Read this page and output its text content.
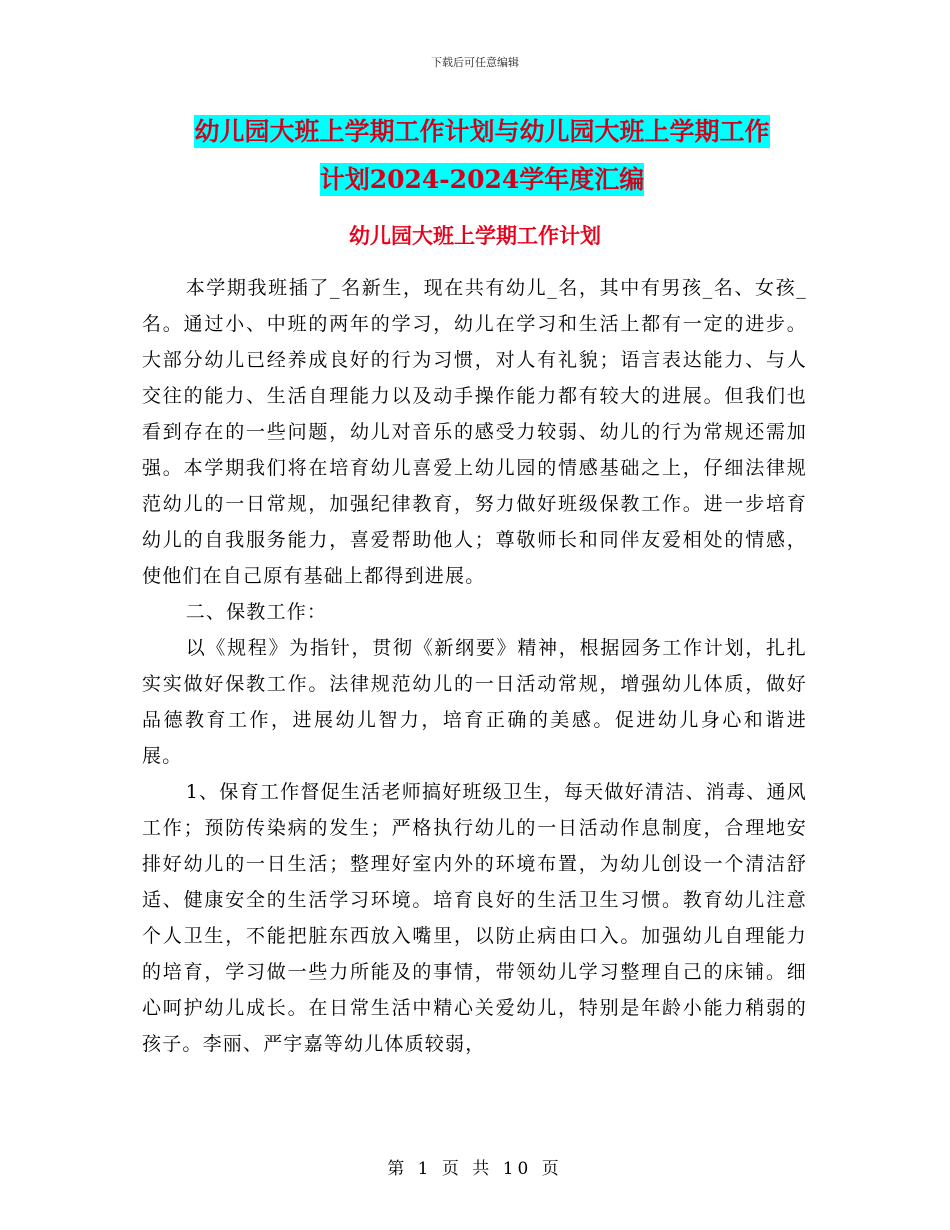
下载后可任意编辑
幼儿园大班上学期工作计划与幼儿园大班上学期工作
计划2024-2024学年度汇编
幼儿园大班上学期工作计划

本学期我班插了_名新生，现在共有幼儿_名，其中有男孩_名、女孩_名。通过小、中班的两年的学习，幼儿在学习和生活上都有一定的进步。大部分幼儿已经养成良好的行为习惯，对人有礼貌；语言表达能力、与人交往的能力、生活自理能力以及动手操作能力都有较大的进展。但我们也看到存在的一些问题，幼儿对音乐的感受力较弱、幼儿的行为常规还需加强。本学期我们将在培育幼儿喜爱上幼儿园的情感基础之上，仔细法律规范幼儿的一日常规，加强纪律教育，努力做好班级保教工作。进一步培育幼儿的自我服务能力，喜爱帮助他人；尊敬师长和同伴友爱相处的情感，使他们在自己原有基础上都得到进展。

二、保教工作：

以《规程》为指针，贯彻《新纲要》精神，根据园务工作计划，扎扎实实做好保教工作。法律规范幼儿的一日活动常规，增强幼儿体质，做好品德教育工作，进展幼儿智力，培育正确的美感。促进幼儿身心和谐进展。

1、保育工作督促生活老师搞好班级卫生，每天做好清洁、消毒、通风工作；预防传染病的发生；严格执行幼儿的一日活动作息制度，合理地安排好幼儿的一日生活；整理好室内外的环境布置，为幼儿创设一个清洁舒适、健康安全的生活学习环境。培育良好的生活卫生习惯。教育幼儿注意个人卫生，不能把脏东西放入嘴里，以防止病由口入。加强幼儿自理能力的培育，学习做一些力所能及的事情，带领幼儿学习整理自己的床铺。细心呵护幼儿成长。在日常生活中精心关爱幼儿，特别是年龄小能力稍弱的孩子。李丽、严宇嘉等幼儿体质较弱，

第 1 页 共 10 页
